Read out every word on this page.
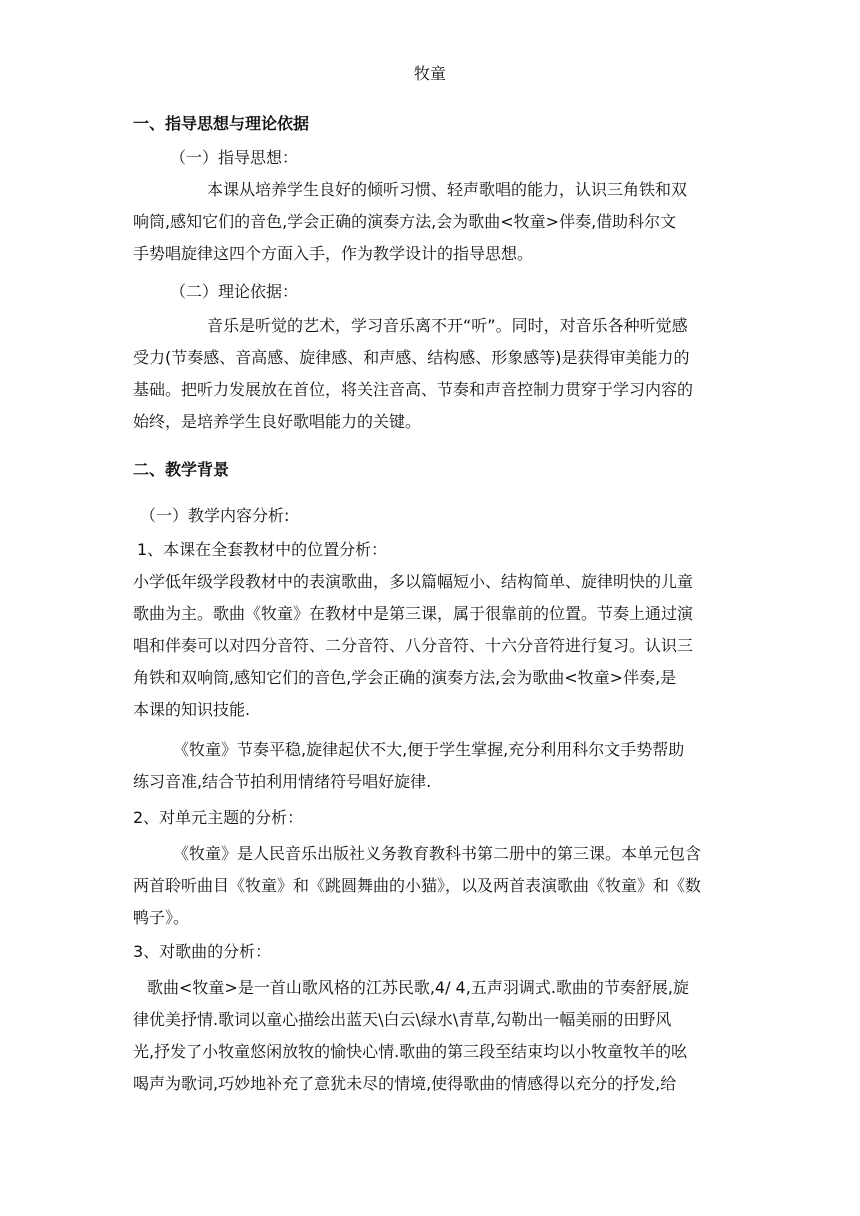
牧童
一、指导思想与理论依据
（一）指导思想：
本课从培养学生良好的倾听习惯、轻声歌唱的能力，认识三角铁和双
响筒,感知它们的音色,学会正确的演奏方法,会为歌曲<牧童>伴奏,借助科尔文
手势唱旋律这四个方面入手，作为教学设计的指导思想。
（二）理论依据：
音乐是听觉的艺术，学习音乐离不开“听”。同时，对音乐各种听觉感
受力(节奏感、音高感、旋律感、和声感、结构感、形象感等)是获得审美能力的
基础。把听力发展放在首位，将关注音高、节奏和声音控制力贯穿于学习内容的
始终，是培养学生良好歌唱能力的关键。
二、教学背景
（一）教学内容分析:
1、本课在全套教材中的位置分析：
小学低年级学段教材中的表演歌曲，多以篇幅短小、结构简单、旋律明快的儿童
歌曲为主。歌曲《牧童》在教材中是第三课，属于很靠前的位置。节奏上通过演
唱和伴奏可以对四分音符、二分音符、八分音符、十六分音符进行复习。认识三
角铁和双响筒,感知它们的音色,学会正确的演奏方法,会为歌曲<牧童>伴奏,是
本课的知识技能.
《牧童》节奏平稳,旋律起伏不大,便于学生掌握,充分利用科尔文手势帮助
练习音准,结合节拍利用情绪符号唱好旋律.
2、对单元主题的分析：
《牧童》是人民音乐出版社义务教育教科书第二册中的第三课。本单元包含
两首聆听曲目《牧童》和《跳圆舞曲的小猫》，以及两首表演歌曲《牧童》和《数
鸭子》。
3、对歌曲的分析：
歌曲<牧童>是一首山歌风格的江苏民歌,4/ 4,五声羽调式.歌曲的节奏舒展,旋
律优美抒情.歌词以童心描绘出蓝天\白云\绿水\青草,勾勒出一幅美丽的田野风
光,抒发了小牧童悠闲放牧的愉快心情.歌曲的第三段至结束均以小牧童牧羊的吆
喝声为歌词,巧妙地补充了意犹未尽的情境,使得歌曲的情感得以充分的抒发,给
